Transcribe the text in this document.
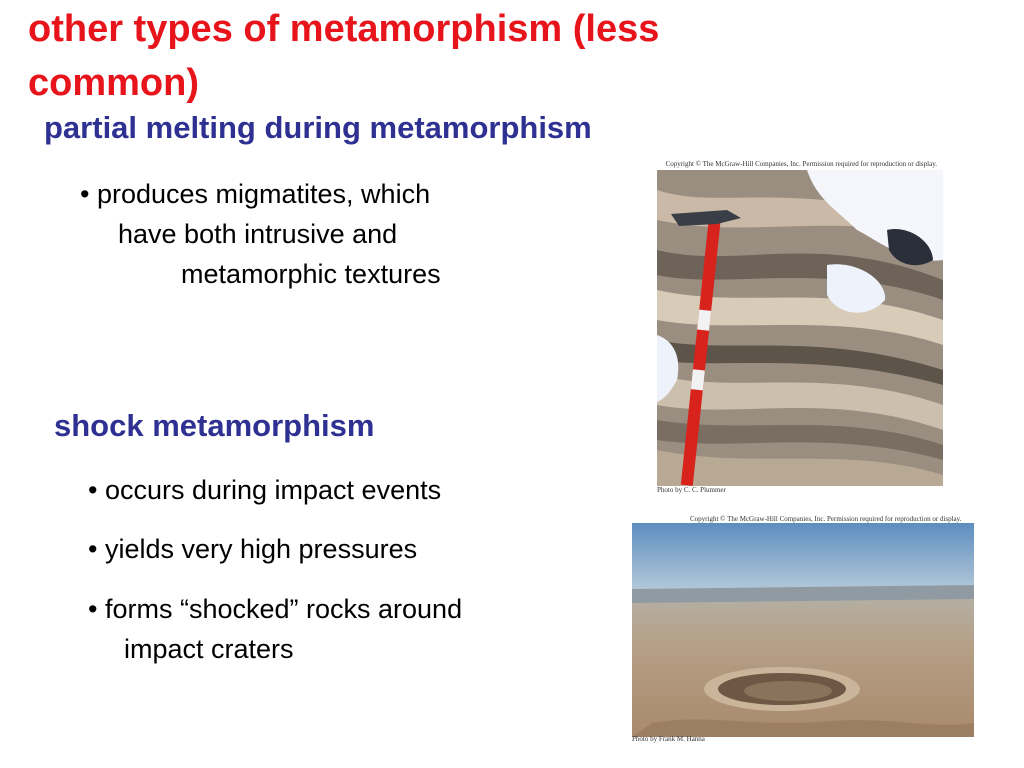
other types of metamorphism (less common)
partial melting during metamorphism
• produces migmatites, which
have both intrusive and
metamorphic textures
shock metamorphism
• occurs during impact events
• yields very high pressures
• forms “shocked” rocks around
impact craters
Copyright © The McGraw-Hill Companies, Inc. Permission required for reproduction or display.
Photo by C. C. Plummer
Copyright © The McGraw-Hill Companies, Inc. Permission required for reproduction or display.
Photo by Frank M. Hanna
